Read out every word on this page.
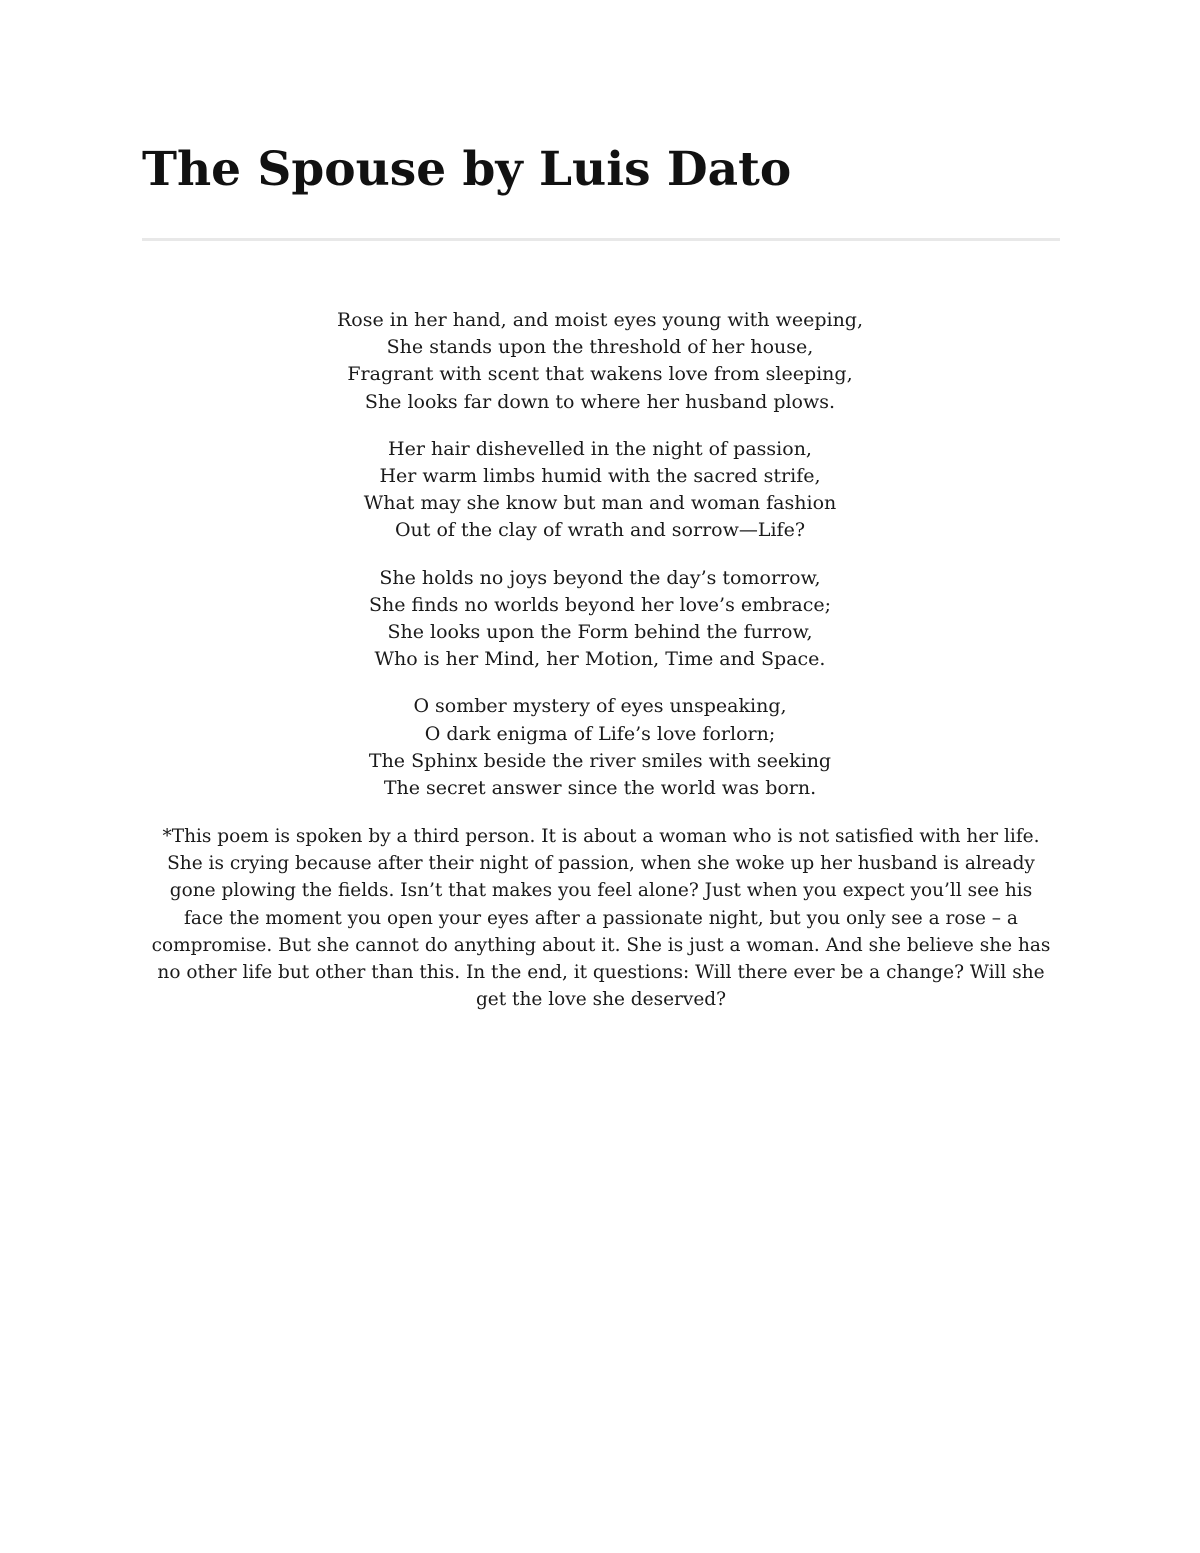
The Spouse by Luis Dato
Rose in her hand, and moist eyes young with weeping,
She stands upon the threshold of her house,
Fragrant with scent that wakens love from sleeping,
She looks far down to where her husband plows.
Her hair dishevelled in the night of passion,
Her warm limbs humid with the sacred strife,
What may she know but man and woman fashion
Out of the clay of wrath and sorrow—Life?
She holds no joys beyond the day’s tomorrow,
She finds no worlds beyond her love’s embrace;
She looks upon the Form behind the furrow,
Who is her Mind, her Motion, Time and Space.
O somber mystery of eyes unspeaking,
O dark enigma of Life’s love forlorn;
The Sphinx beside the river smiles with seeking
The secret answer since the world was born.

*This poem is spoken by a third person. It is about a woman who is not satisfied with her life. She is crying because after their night of passion, when she woke up her husband is already gone plowing the fields. Isn’t that makes you feel alone? Just when you expect you’ll see his face the moment you open your eyes after a passionate night, but you only see a rose – a compromise. But she cannot do anything about it. She is just a woman. And she believe she has no other life but other than this. In the end, it questions: Will there ever be a change? Will she get the love she deserved?
